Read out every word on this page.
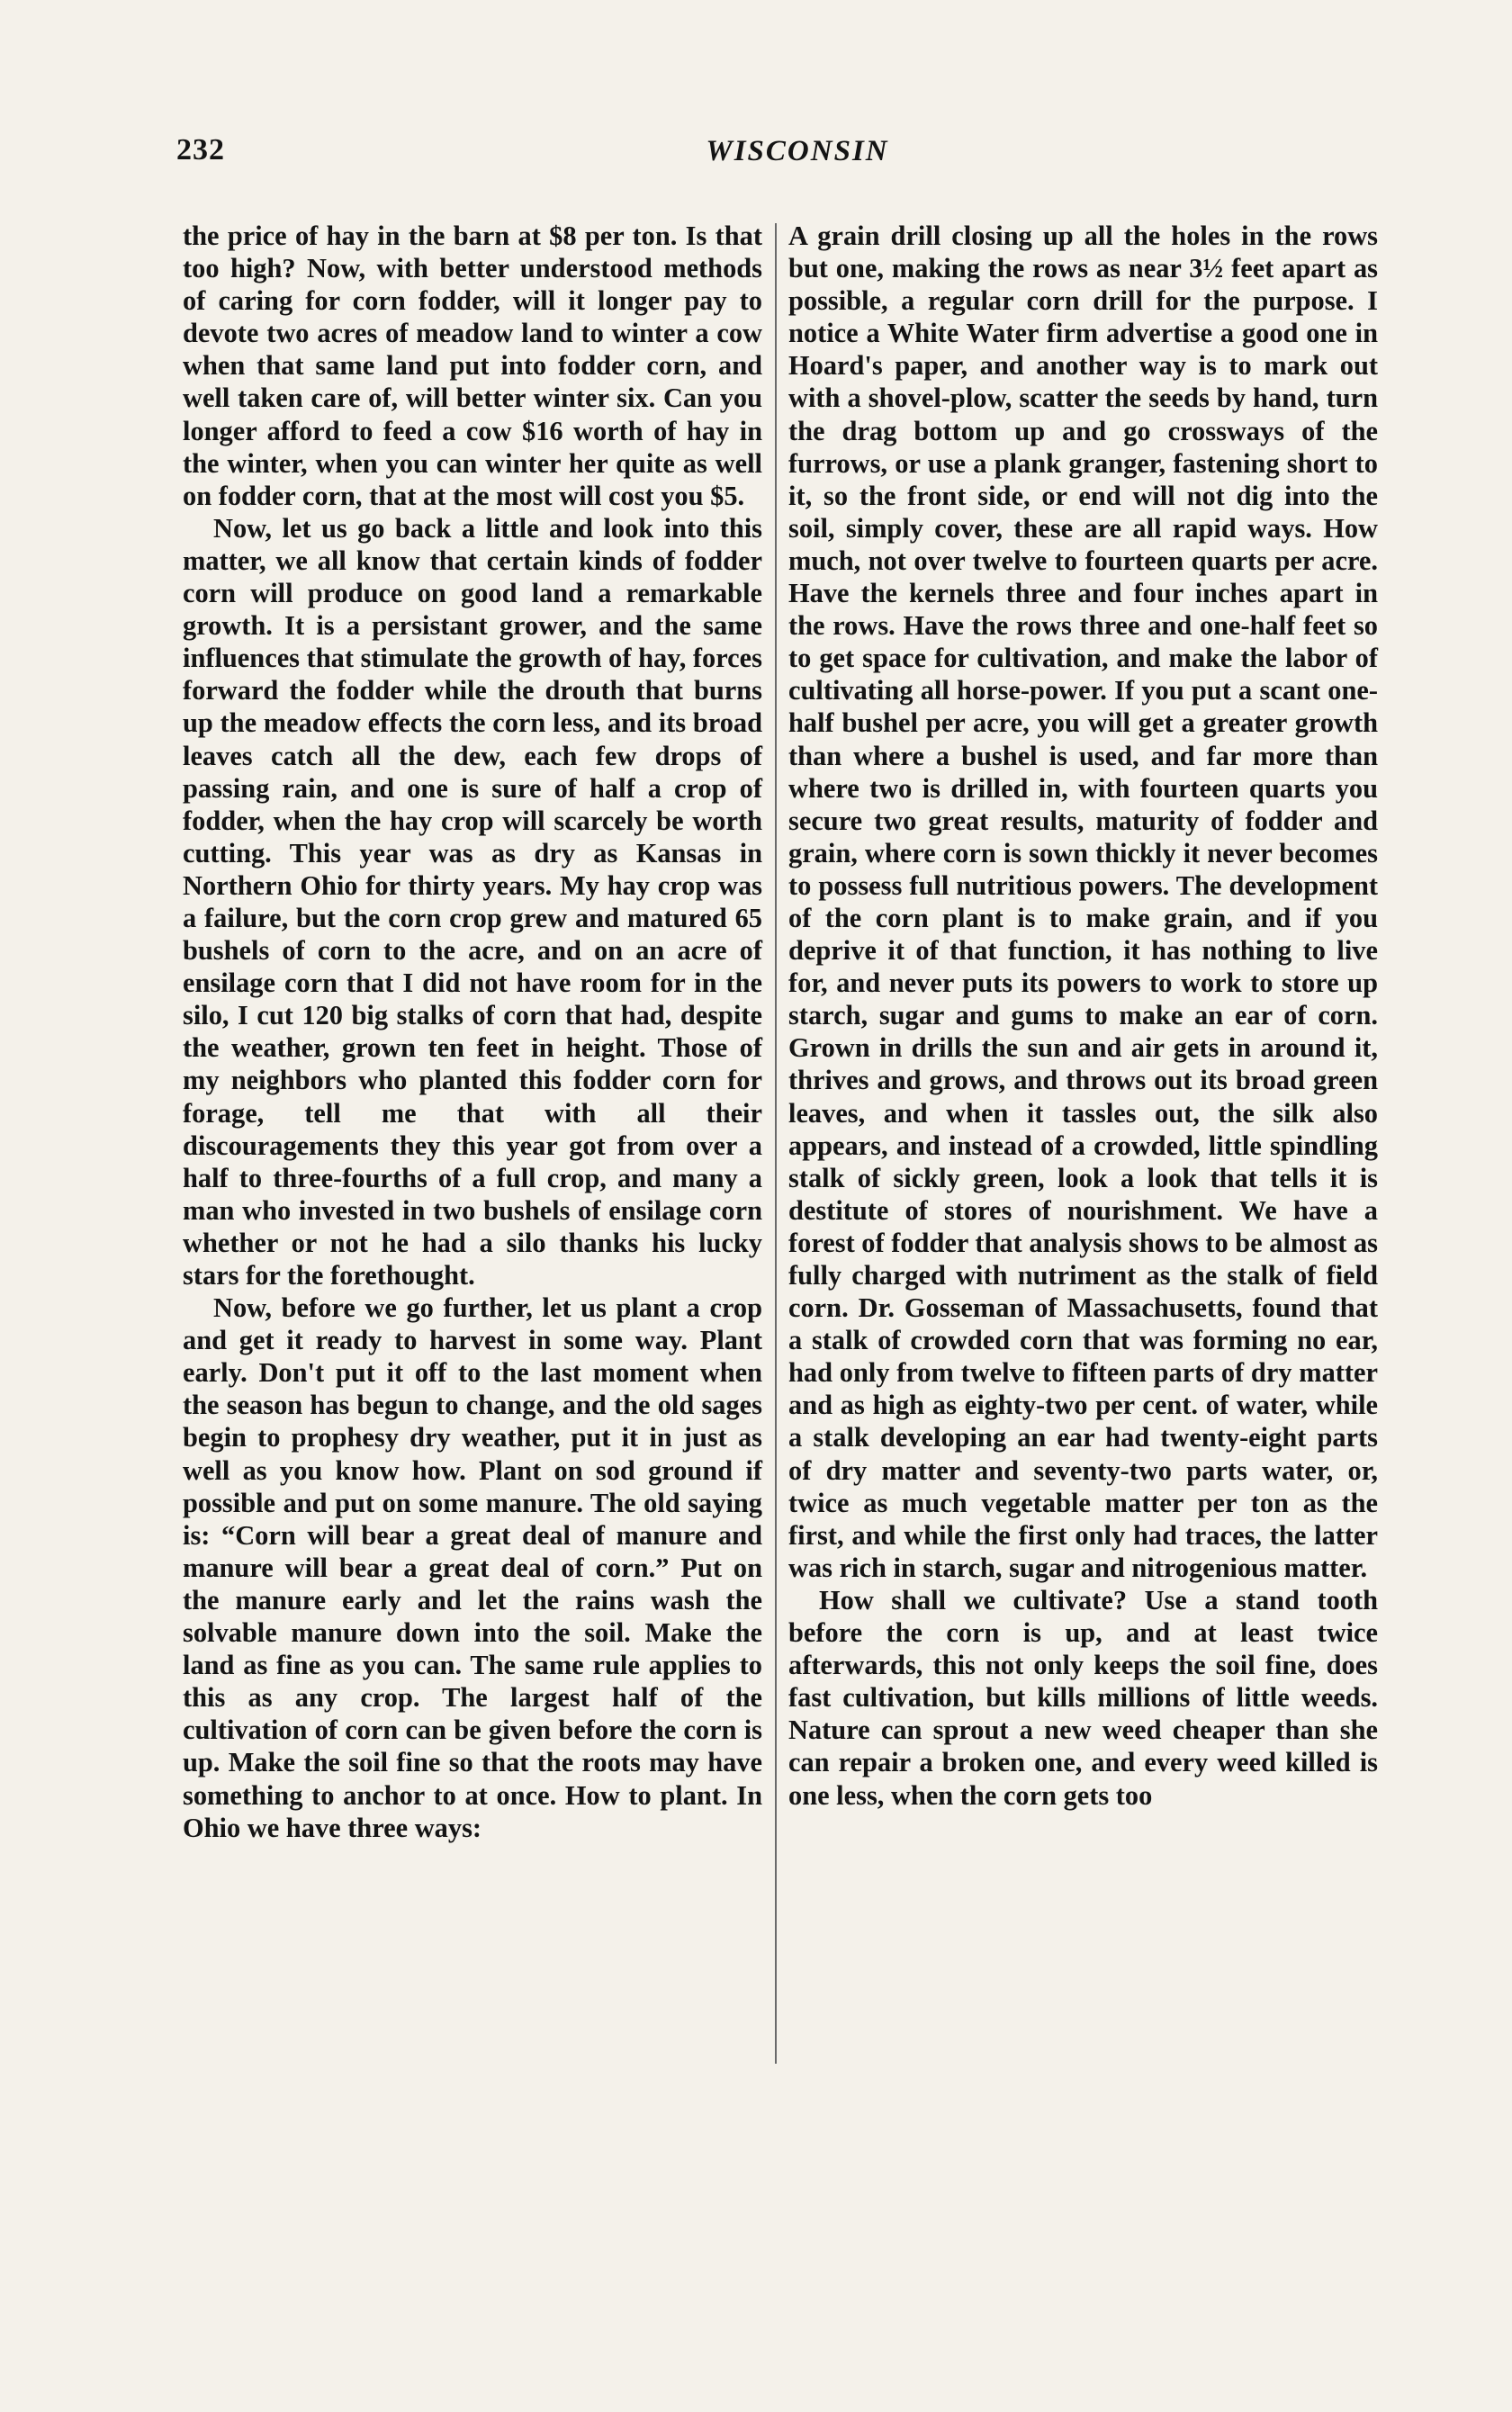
232	WISCONSIN

the price of hay in the barn at $8 per ton. Is that too high? Now, with better understood methods of caring for corn fodder, will it longer pay to devote two acres of meadow land to winter a cow when that same land put into fodder corn, and well taken care of, will better winter six. Can you longer afford to feed a cow $16 worth of hay in the winter, when you can winter her quite as well on fodder corn, that at the most will cost you $5.

Now, let us go back a little and look into this matter, we all know that certain kinds of fodder corn will produce on good land a remarkable growth. It is a persistant grower, and the same influences that stimulate the growth of hay, forces forward the fodder while the drouth that burns up the meadow effects the corn less, and its broad leaves catch all the dew, each few drops of passing rain, and one is sure of half a crop of fodder, when the hay crop will scarcely be worth cutting. This year was as dry as Kansas in Northern Ohio for thirty years. My hay crop was a failure, but the corn crop grew and matured 65 bushels of corn to the acre, and on an acre of ensilage corn that I did not have room for in the silo, I cut 120 big stalks of corn that had, despite the weather, grown ten feet in height. Those of my neighbors who planted this fodder corn for forage, tell me that with all their discouragements they this year got from over a half to three-fourths of a full crop, and many a man who invested in two bushels of ensilage corn whether or not he had a silo thanks his lucky stars for the forethought.

Now, before we go further, let us plant a crop and get it ready to harvest in some way. Plant early. Don't put it off to the last moment when the season has begun to change, and the old sages begin to prophesy dry weather, put it in just as well as you know how. Plant on sod ground if possible and put on some manure. The old saying is: “Corn will bear a great deal of manure and manure will bear a great deal of corn.” Put on the manure early and let the rains wash the solvable manure down into the soil. Make the land as fine as you can. The same rule applies to this as any crop. The largest half of the cultivation of corn can be given before the corn is up. Make the soil fine so that the roots may have something to anchor to at once. How to plant. In Ohio we have three ways:

A grain drill closing up all the holes in the rows but one, making the rows as near 3½ feet apart as possible, a regular corn drill for the purpose. I notice a White Water firm advertise a good one in Hoard's paper, and another way is to mark out with a shovel-plow, scatter the seeds by hand, turn the drag bottom up and go crossways of the furrows, or use a plank granger, fastening short to it, so the front side, or end will not dig into the soil, simply cover, these are all rapid ways. How much, not over twelve to fourteen quarts per acre. Have the kernels three and four inches apart in the rows. Have the rows three and one-half feet so to get space for cultivation, and make the labor of cultivating all horse-power. If you put a scant one-half bushel per acre, you will get a greater growth than where a bushel is used, and far more than where two is drilled in, with fourteen quarts you secure two great results, maturity of fodder and grain, where corn is sown thickly it never becomes to possess full nutritious powers. The development of the corn plant is to make grain, and if you deprive it of that function, it has nothing to live for, and never puts its powers to work to store up starch, sugar and gums to make an ear of corn. Grown in drills the sun and air gets in around it, thrives and grows, and throws out its broad green leaves, and when it tassles out, the silk also appears, and instead of a crowded, little spindling stalk of sickly green, look a look that tells it is destitute of stores of nourishment. We have a forest of fodder that analysis shows to be almost as fully charged with nutriment as the stalk of field corn. Dr. Gosseman of Massachusetts, found that a stalk of crowded corn that was forming no ear, had only from twelve to fifteen parts of dry matter and as high as eighty-two per cent. of water, while a stalk developing an ear had twenty-eight parts of dry matter and seventy-two parts water, or, twice as much vegetable matter per ton as the first, and while the first only had traces, the latter was rich in starch, sugar and nitrogenious matter.

How shall we cultivate? Use a stand tooth before the corn is up, and at least twice afterwards, this not only keeps the soil fine, does fast cultivation, but kills millions of little weeds. Nature can sprout a new weed cheaper than she can repair a broken one, and every weed killed is one less, when the corn gets too
